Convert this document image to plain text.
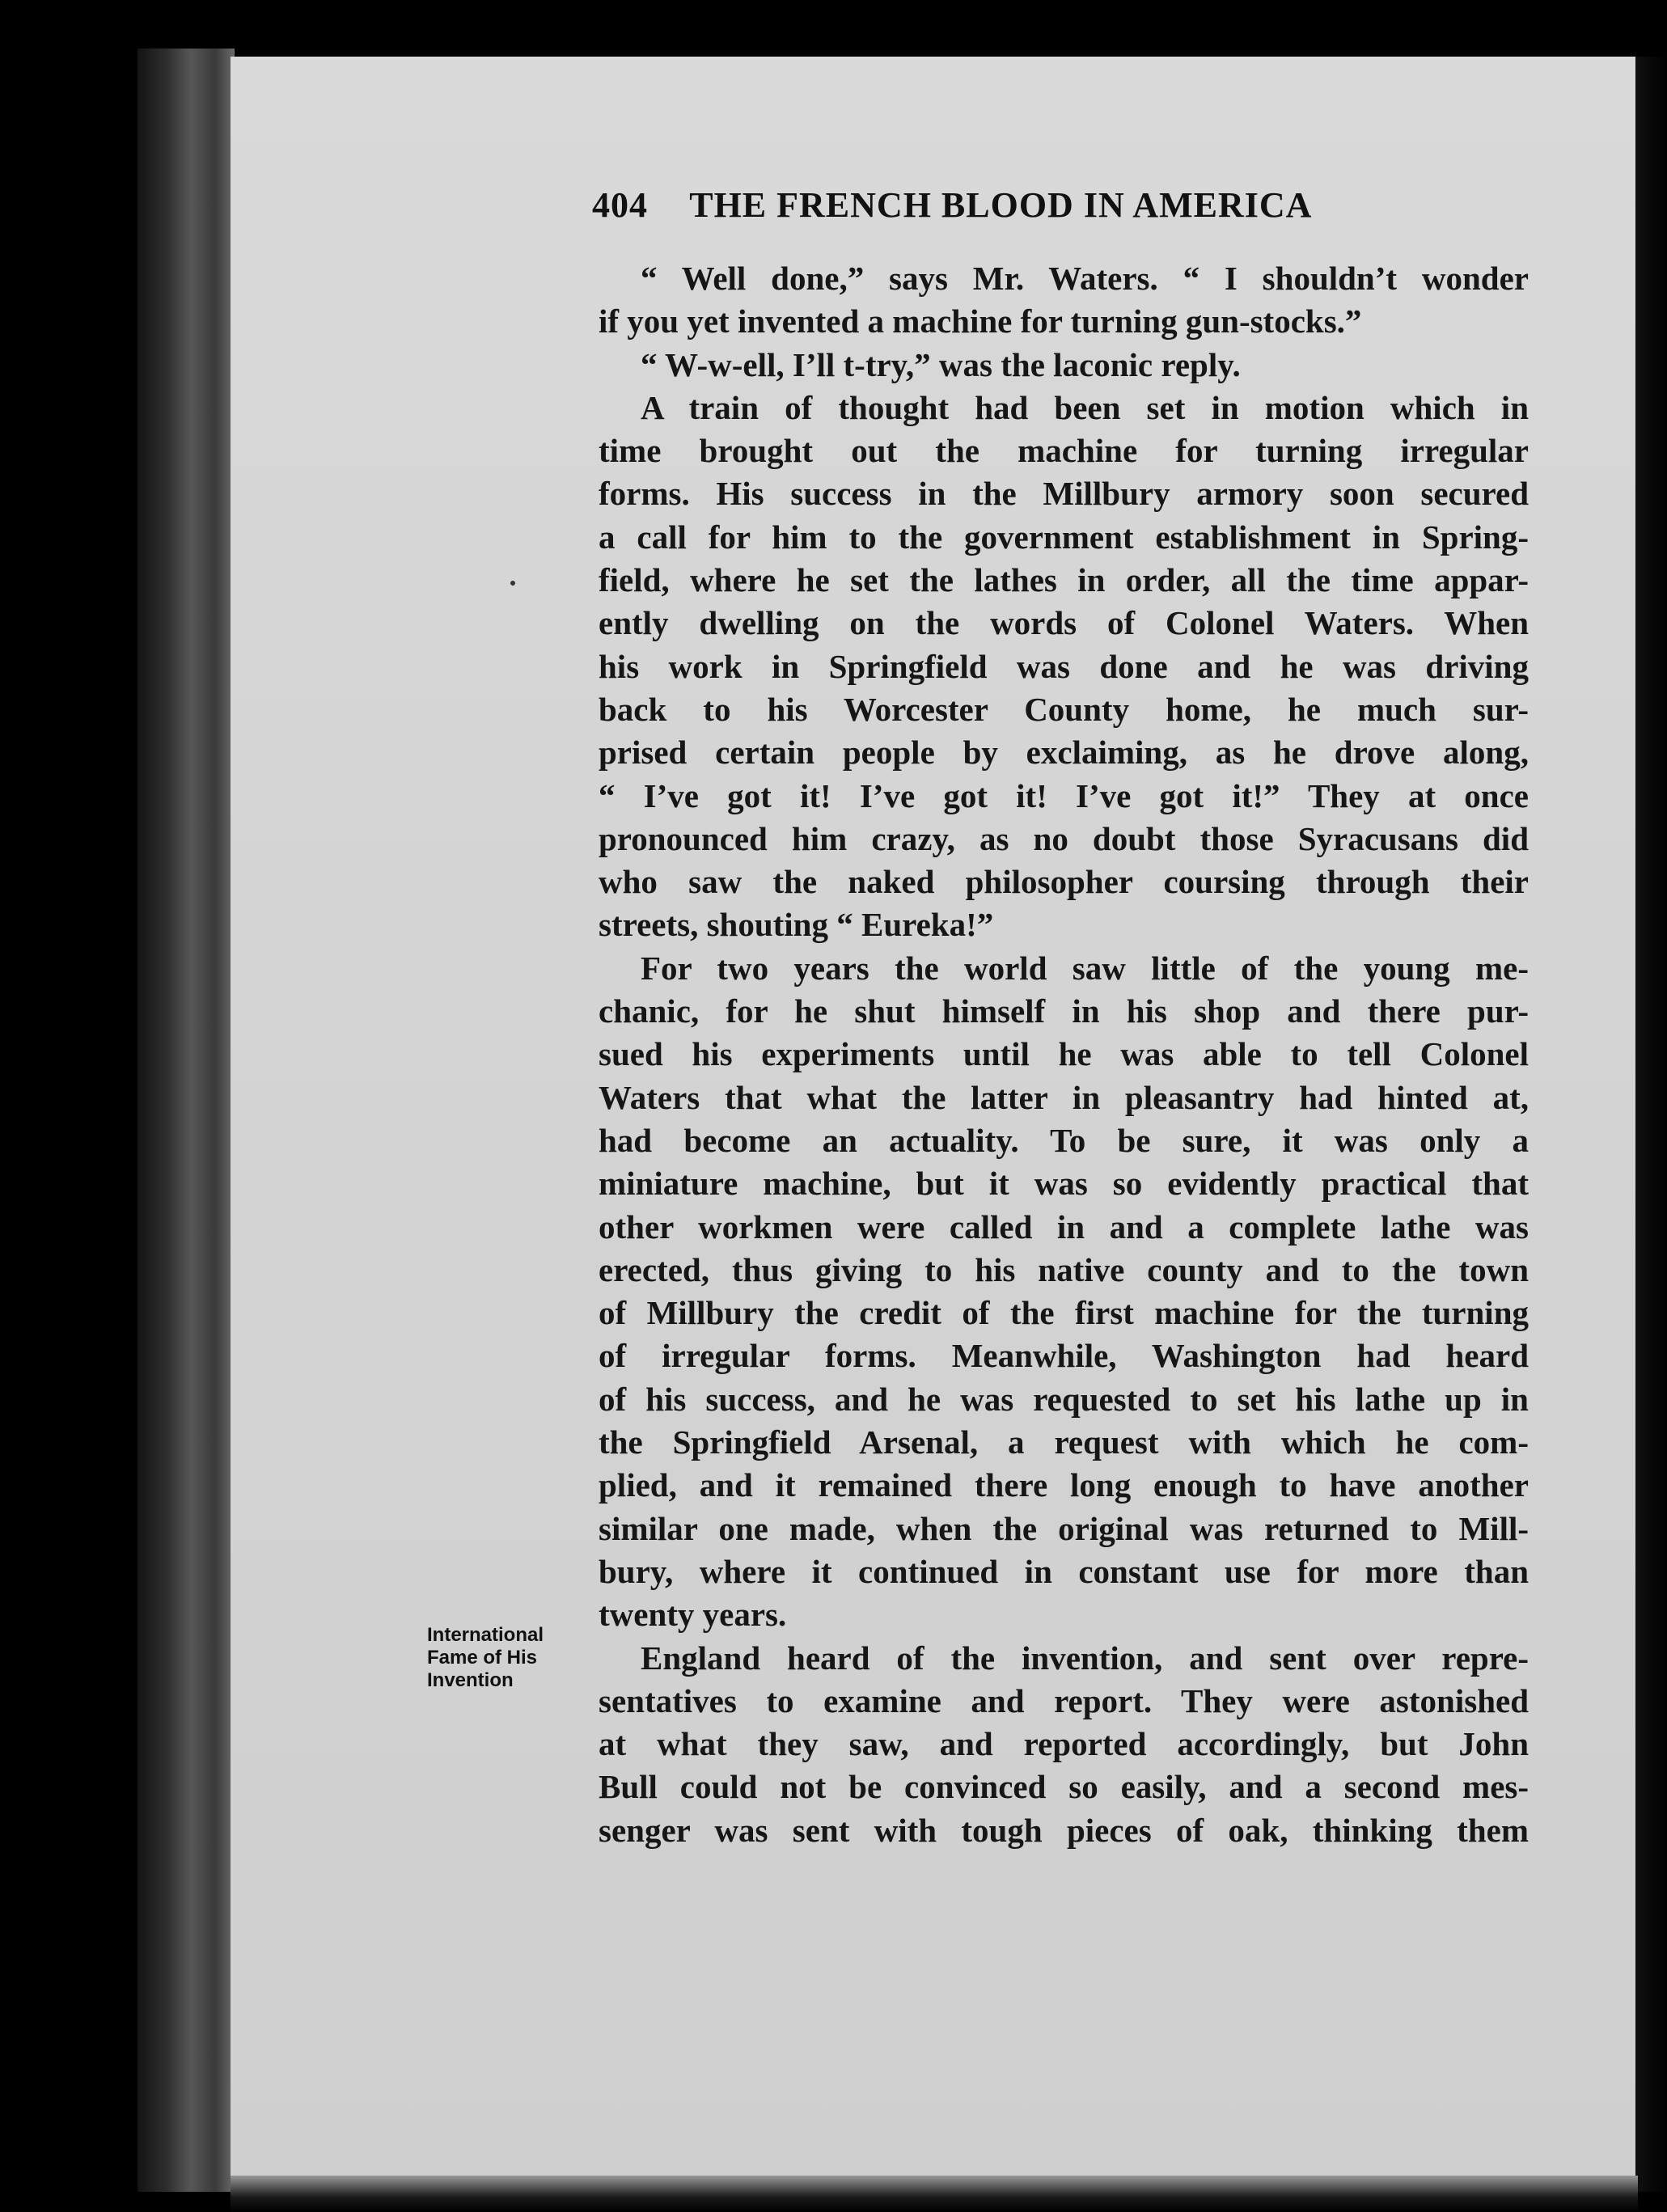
404 THE FRENCH BLOOD IN AMERICA
International
Fame of His
Invention
“ Well done,” says Mr. Waters. “ I shouldn’t wonder
if you yet invented a machine for turning gun-stocks.”
“ W-w-ell, I’ll t-try,” was the laconic reply.
A train of thought had been set in motion which in
time brought out the machine for turning irregular
forms. His success in the Millbury armory soon secured
a call for him to the government establishment in Spring-
field, where he set the lathes in order, all the time appar-
ently dwelling on the words of Colonel Waters. When
his work in Springfield was done and he was driving
back to his Worcester County home, he much sur-
prised certain people by exclaiming, as he drove along,
“ I’ve got it! I’ve got it! I’ve got it!” They at once
pronounced him crazy, as no doubt those Syracusans did
who saw the naked philosopher coursing through their
streets, shouting “ Eureka!”
For two years the world saw little of the young me-
chanic, for he shut himself in his shop and there pur-
sued his experiments until he was able to tell Colonel
Waters that what the latter in pleasantry had hinted at,
had become an actuality. To be sure, it was only a
miniature machine, but it was so evidently practical that
other workmen were called in and a complete lathe was
erected, thus giving to his native county and to the town
of Millbury the credit of the first machine for the turning
of irregular forms. Meanwhile, Washington had heard
of his success, and he was requested to set his lathe up in
the Springfield Arsenal, a request with which he com-
plied, and it remained there long enough to have another
similar one made, when the original was returned to Mill-
bury, where it continued in constant use for more than
twenty years.
England heard of the invention, and sent over repre-
sentatives to examine and report. They were astonished
at what they saw, and reported accordingly, but John
Bull could not be convinced so easily, and a second mes-
senger was sent with tough pieces of oak, thinking them
